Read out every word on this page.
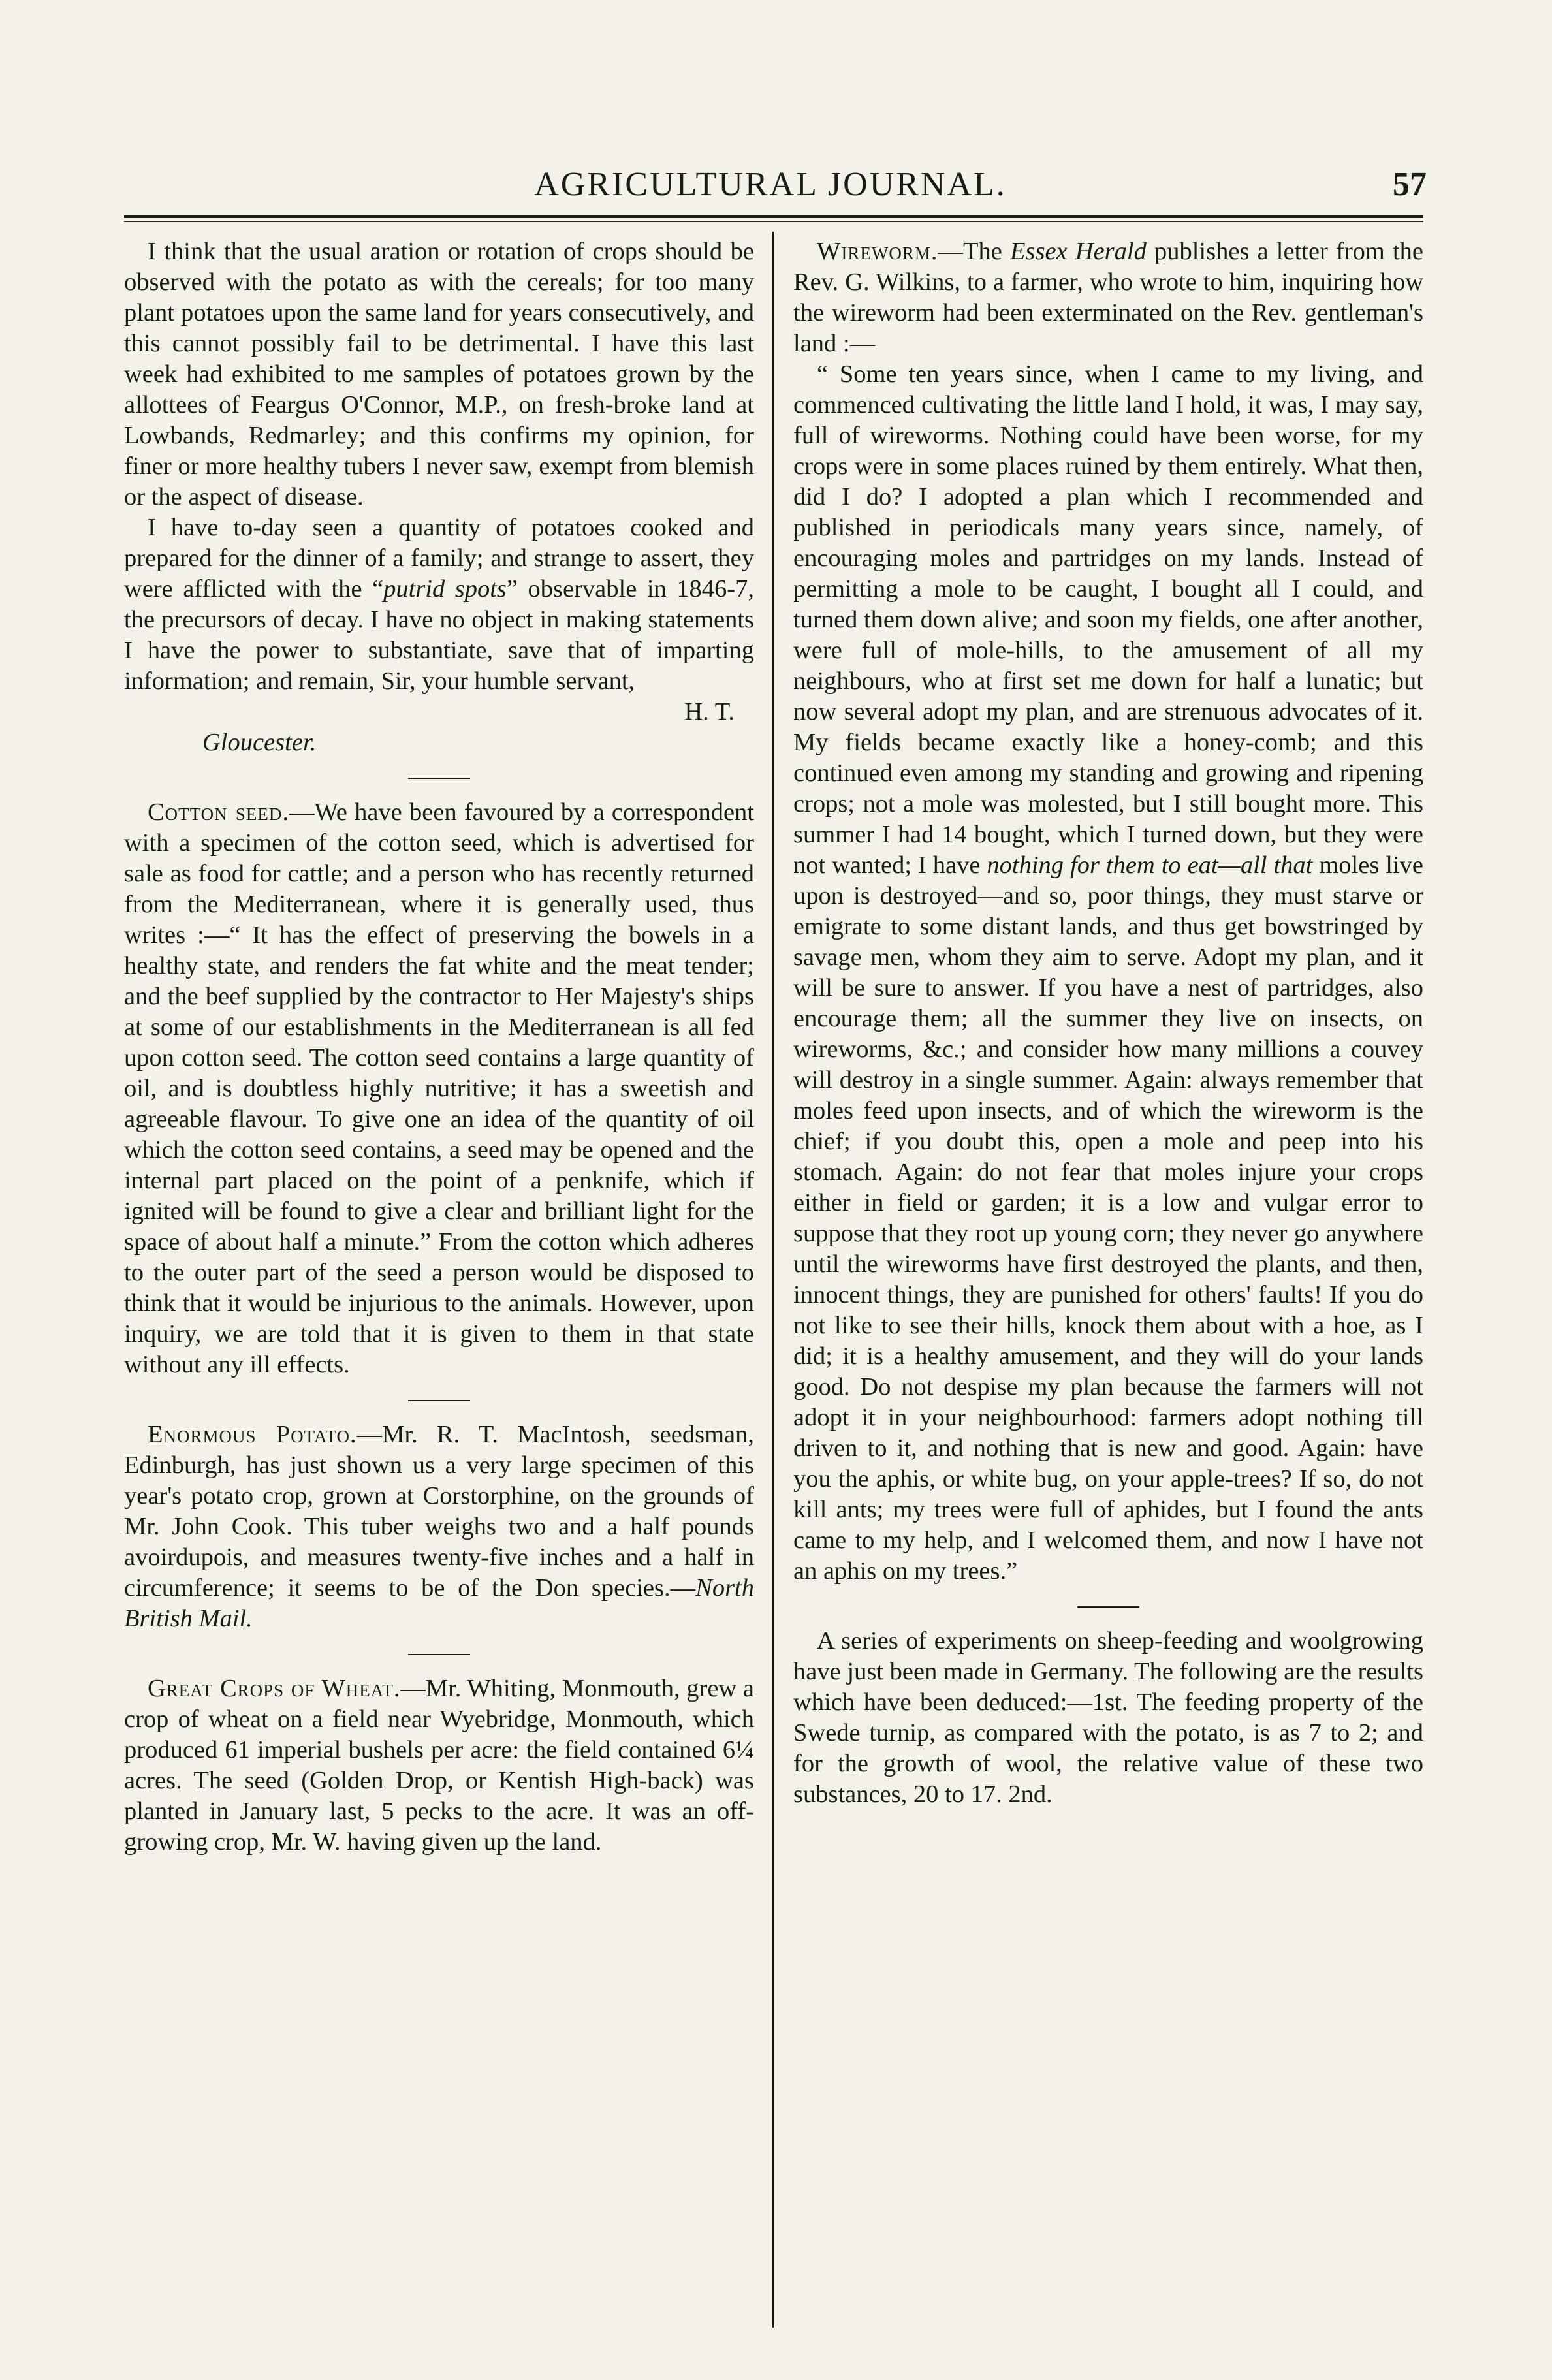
AGRICULTURAL JOURNAL.	57

I think that the usual aration or rotation of crops should be observed with the potato as with the cereals; for too many plant potatoes upon the same land for years consecutively, and this cannot possibly fail to be detrimental. I have this last week had exhibited to me samples of potatoes grown by the allottees of Feargus O'Connor, M.P., on fresh-broke land at Lowbands, Redmarley; and this confirms my opinion, for finer or more healthy tubers I never saw, exempt from blemish or the aspect of disease.

I have to-day seen a quantity of potatoes cooked and prepared for the dinner of a family; and strange to assert, they were afflicted with the “putrid spots” observable in 1846-7, the precursors of decay. I have no object in making statements I have the power to substantiate, save that of imparting information; and remain, Sir, your humble servant,

H. T.

Gloucester.

Cotton seed.—We have been favoured by a correspondent with a specimen of the cotton seed, which is advertised for sale as food for cattle; and a person who has recently returned from the Mediterranean, where it is generally used, thus writes :—“ It has the effect of preserving the bowels in a healthy state, and renders the fat white and the meat tender; and the beef supplied by the contractor to Her Majesty's ships at some of our establishments in the Mediterranean is all fed upon cotton seed. The cotton seed contains a large quantity of oil, and is doubtless highly nutritive; it has a sweetish and agreeable flavour. To give one an idea of the quantity of oil which the cotton seed contains, a seed may be opened and the internal part placed on the point of a penknife, which if ignited will be found to give a clear and brilliant light for the space of about half a minute.” From the cotton which adheres to the outer part of the seed a person would be disposed to think that it would be injurious to the animals. However, upon inquiry, we are told that it is given to them in that state without any ill effects.

Enormous Potato.—Mr. R. T. MacIntosh, seedsman, Edinburgh, has just shown us a very large specimen of this year's potato crop, grown at Corstorphine, on the grounds of Mr. John Cook. This tuber weighs two and a half pounds avoirdupois, and measures twenty-five inches and a half in circumference; it seems to be of the Don species.—North British Mail.

Great Crops of Wheat.—Mr. Whiting, Monmouth, grew a crop of wheat on a field near Wyebridge, Monmouth, which produced 61 imperial bushels per acre: the field contained 6¼ acres. The seed (Golden Drop, or Kentish High-back) was planted in January last, 5 pecks to the acre. It was an off-growing crop, Mr. W. having given up the land.

Wireworm.—The Essex Herald publishes a letter from the Rev. G. Wilkins, to a farmer, who wrote to him, inquiring how the wireworm had been exterminated on the Rev. gentleman's land :—

“ Some ten years since, when I came to my living, and commenced cultivating the little land I hold, it was, I may say, full of wireworms. Nothing could have been worse, for my crops were in some places ruined by them entirely. What then, did I do? I adopted a plan which I recommended and published in periodicals many years since, namely, of encouraging moles and partridges on my lands. Instead of permitting a mole to be caught, I bought all I could, and turned them down alive; and soon my fields, one after another, were full of mole-hills, to the amusement of all my neighbours, who at first set me down for half a lunatic; but now several adopt my plan, and are strenuous advocates of it. My fields became exactly like a honey-comb; and this continued even among my standing and growing and ripening crops; not a mole was molested, but I still bought more. This summer I had 14 bought, which I turned down, but they were not wanted; I have nothing for them to eat—all that moles live upon is destroyed—and so, poor things, they must starve or emigrate to some distant lands, and thus get bowstringed by savage men, whom they aim to serve. Adopt my plan, and it will be sure to answer. If you have a nest of partridges, also encourage them; all the summer they live on insects, on wireworms, &c.; and consider how many millions a couvey will destroy in a single summer. Again: always remember that moles feed upon insects, and of which the wireworm is the chief; if you doubt this, open a mole and peep into his stomach. Again: do not fear that moles injure your crops either in field or garden; it is a low and vulgar error to suppose that they root up young corn; they never go anywhere until the wireworms have first destroyed the plants, and then, innocent things, they are punished for others' faults! If you do not like to see their hills, knock them about with a hoe, as I did; it is a healthy amusement, and they will do your lands good. Do not despise my plan because the farmers will not adopt it in your neighbourhood: farmers adopt nothing till driven to it, and nothing that is new and good. Again: have you the aphis, or white bug, on your apple-trees? If so, do not kill ants; my trees were full of aphides, but I found the ants came to my help, and I welcomed them, and now I have not an aphis on my trees.”

A series of experiments on sheep-feeding and woolgrowing have just been made in Germany. The following are the results which have been deduced:—1st. The feeding property of the Swede turnip, as compared with the potato, is as 7 to 2; and for the growth of wool, the relative value of these two substances, 20 to 17. 2nd.
